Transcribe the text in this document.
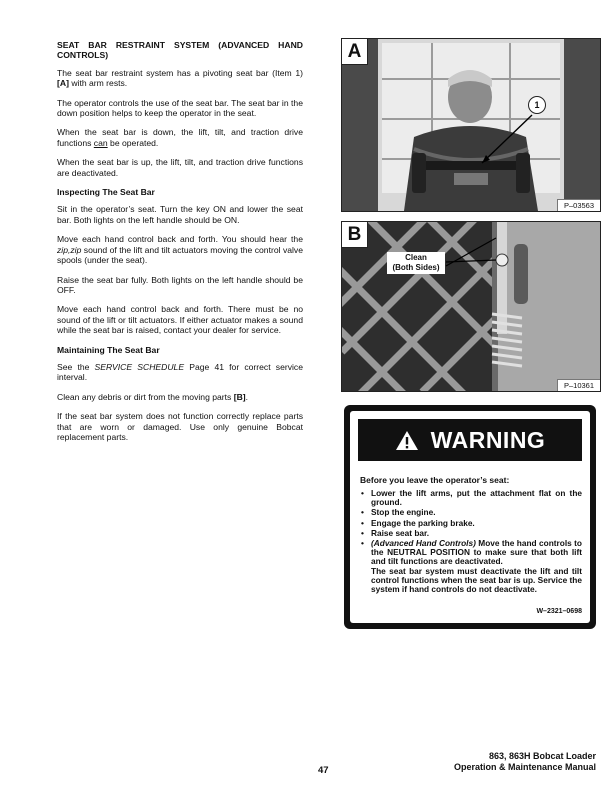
SEAT BAR RESTRAINT SYSTEM (ADVANCED HAND CONTROLS)

The seat bar restraint system has a pivoting seat bar (Item 1) [A] with arm rests.

The operator controls the use of the seat bar. The seat bar in the down position helps to keep the operator in the seat.

When the seat bar is down, the lift, tilt, and traction drive functions can be operated.

When the seat bar is up, the lift, tilt, and traction drive functions are deactivated.

Inspecting The Seat Bar

Sit in the operator’s seat. Turn the key ON and lower the seat bar. Both lights on the left handle should be ON.

Move each hand control back and forth. You should hear the zip,zip sound of the lift and tilt actuators moving the control valve spools (under the seat).

Raise the seat bar fully. Both lights on the left handle should be OFF.

Move each hand control back and forth. There must be no sound of the lift or tilt actuators. If either actuator makes a sound while the seat bar is raised, contact your dealer for service.

Maintaining The Seat Bar

See the SERVICE SCHEDULE Page 41 for correct service interval.

Clean any debris or dirt from the moving parts [B].

If the seat bar system does not function correctly replace parts that are worn or damaged. Use only genuine Bobcat replacement parts.

A
1
P–03563
B
Clean
(Both Sides)
P–10361
WARNING
Before you leave the operator’s seat:
• Lower the lift arms, put the attachment flat on the ground.
• Stop the engine.
• Engage the parking brake.
• Raise seat bar.
• (Advanced Hand Controls) Move the hand controls to the NEUTRAL POSITION to make sure that both lift and tilt functions are deactivated.
The seat bar system must deactivate the lift and tilt control functions when the seat bar is up. Service the system if hand controls do not deactivate.
W–2321–0698
47
863, 863H Bobcat Loader
Operation & Maintenance Manual
